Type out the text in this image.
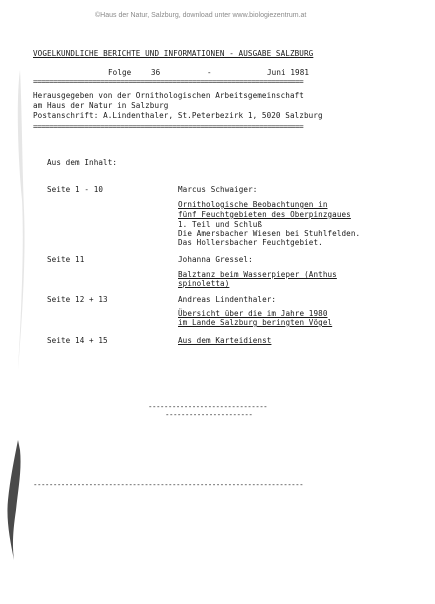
©Haus der Natur, Salzburg, download unter www.biologiezentrum.at
VOGELKUNDLICHE BERICHTE UND INFORMATIONEN - AUSGABE SALZBURG
Folge	36	-	Juni 1981
====================================================================
Herausgegeben von der Ornithologischen Arbeitsgemeinschaft
am Haus der Natur in Salzburg
Postanschrift: A.Lindenthaler, St.Peterbezirk 1, 5020 Salzburg
====================================================================
Aus dem Inhalt:
Seite 1 - 10	Marcus Schwaiger:
Ornithologische Beobachtungen in
fünf Feuchtgebieten des Oberpinzgaues
1. Teil und Schluß
Die Amersbacher Wiesen bei Stuhlfelden.
Das Hollersbacher Feuchtgebiet.
Seite 11	Johanna Gressel:
Balztanz beim Wasserpieper (Anthus
spinoletta)
Seite 12 + 13	Andreas Lindenthaler:
Übersicht über die im Jahre 1980
im Lande Salzburg beringten Vögel
Seite 14 + 15	Aus dem Karteidienst
------------------------------
----------------------
--------------------------------------------------------------------
